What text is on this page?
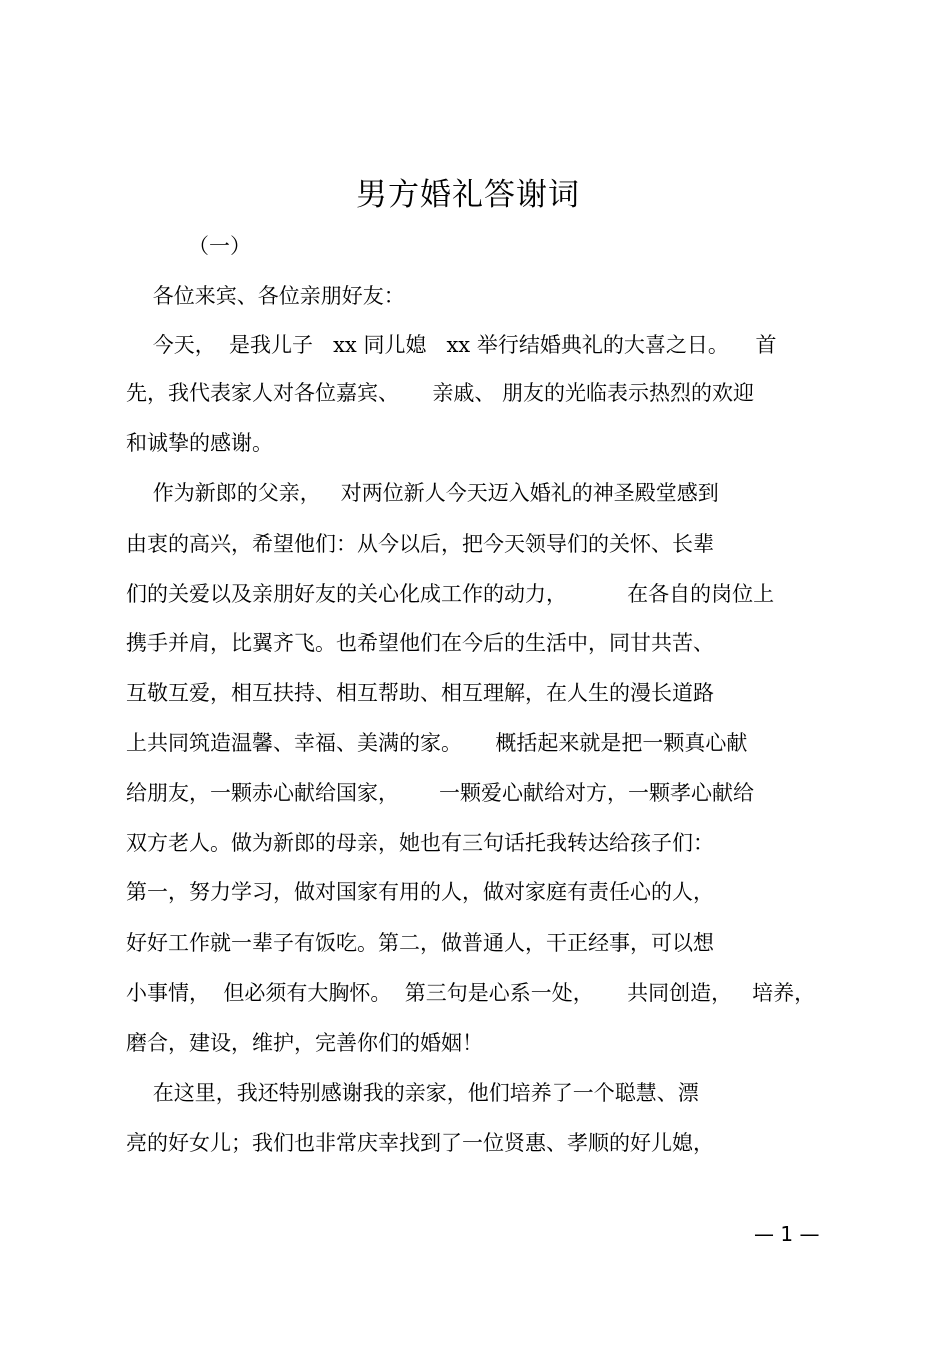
男方婚礼答谢词
（一）
各位来宾、各位亲朋好友：
今天，  是我儿子   xx 同儿媳   xx 举行结婚典礼的大喜之日。    首
先，我代表家人对各位嘉宾、     亲戚、 朋友的光临表示热烈的欢迎
和诚挚的感谢。
作为新郎的父亲，   对两位新人今天迈入婚礼的神圣殿堂感到
由衷的高兴，希望他们：从今以后，把今天领导们的关怀、长辈
们的关爱以及亲朋好友的关心化成工作的动力，         在各自的岗位上
携手并肩，比翼齐飞。也希望他们在今后的生活中，同甘共苦、
互敬互爱，相互扶持、相互帮助、相互理解，在人生的漫长道路
上共同筑造温馨、幸福、美满的家。     概括起来就是把一颗真心献
给朋友，一颗赤心献给国家，      一颗爱心献给对方，一颗孝心献给
双方老人。做为新郎的母亲，她也有三句话托我转达给孩子们：
第一，努力学习，做对国家有用的人，做对家庭有责任心的人，
好好工作就一辈子有饭吃。第二，做普通人，干正经事，可以想
小事情，  但必须有大胸怀。  第三句是心系一处，     共同创造，   培养，
磨合，建设，维护，完善你们的婚姻！
在这里，我还特别感谢我的亲家，他们培养了一个聪慧、漂
亮的好女儿；我们也非常庆幸找到了一位贤惠、孝顺的好儿媳，
— 1 —
